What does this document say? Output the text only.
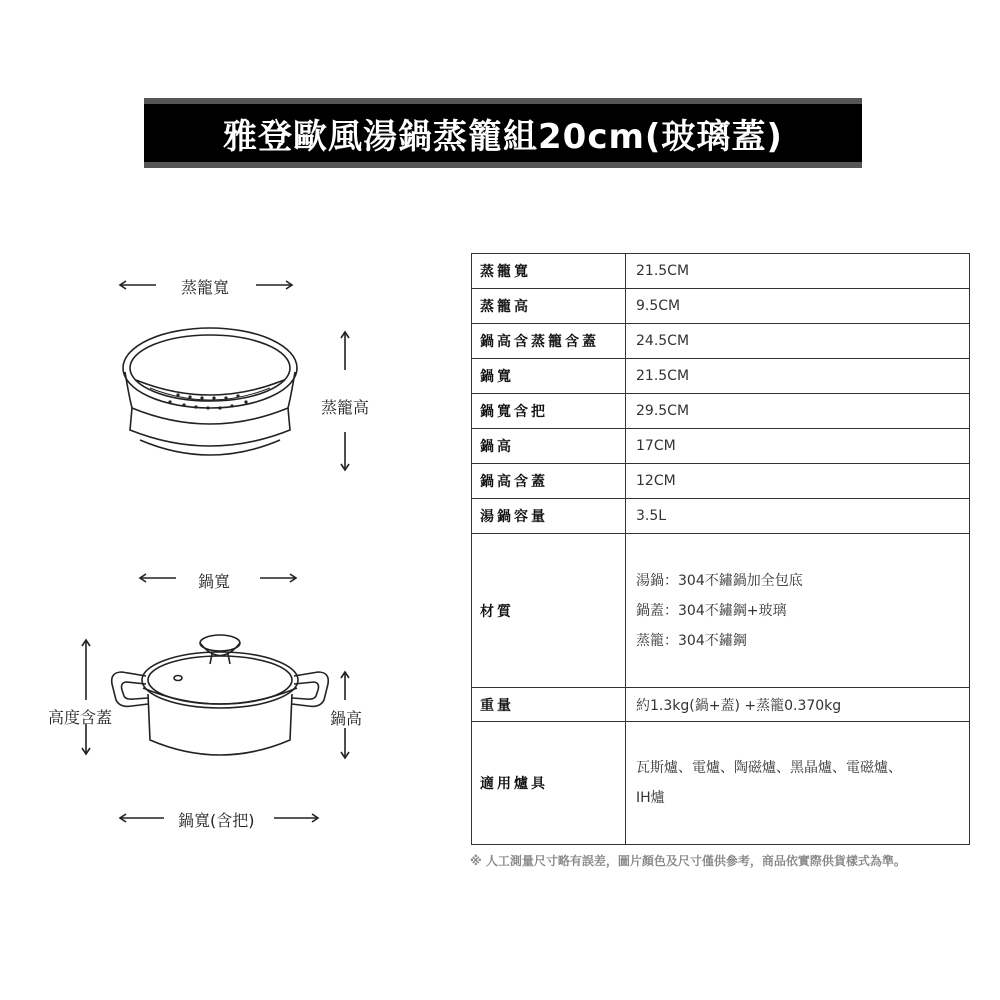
雅登歐風湯鍋蒸籠組20cm(玻璃蓋)
蒸籠寬
蒸籠高
鍋寬
高度含蓋	鍋高
鍋寬(含把)
蒸籠寬	21.5CM
蒸籠高	9.5CM
鍋高含蒸籠含蓋	24.5CM
鍋寬	21.5CM
鍋寬含把	29.5CM
鍋高	17CM
鍋高含蓋	12CM
湯鍋容量	3.5L
材質	湯鍋：304不鏽鍋加全包底
鍋蓋：304不鏽鋼+玻璃
蒸籠：304不鏽鋼

重量	約1.3kg(鍋+蓋) +蒸籠0.370kg
適用爐具	瓦斯爐、電爐、陶磁爐、黑晶爐、電磁爐、
IH爐
※ 人工測量尺寸略有誤差，圖片顏色及尺寸僅供參考，商品依實際供貨樣式為準。
